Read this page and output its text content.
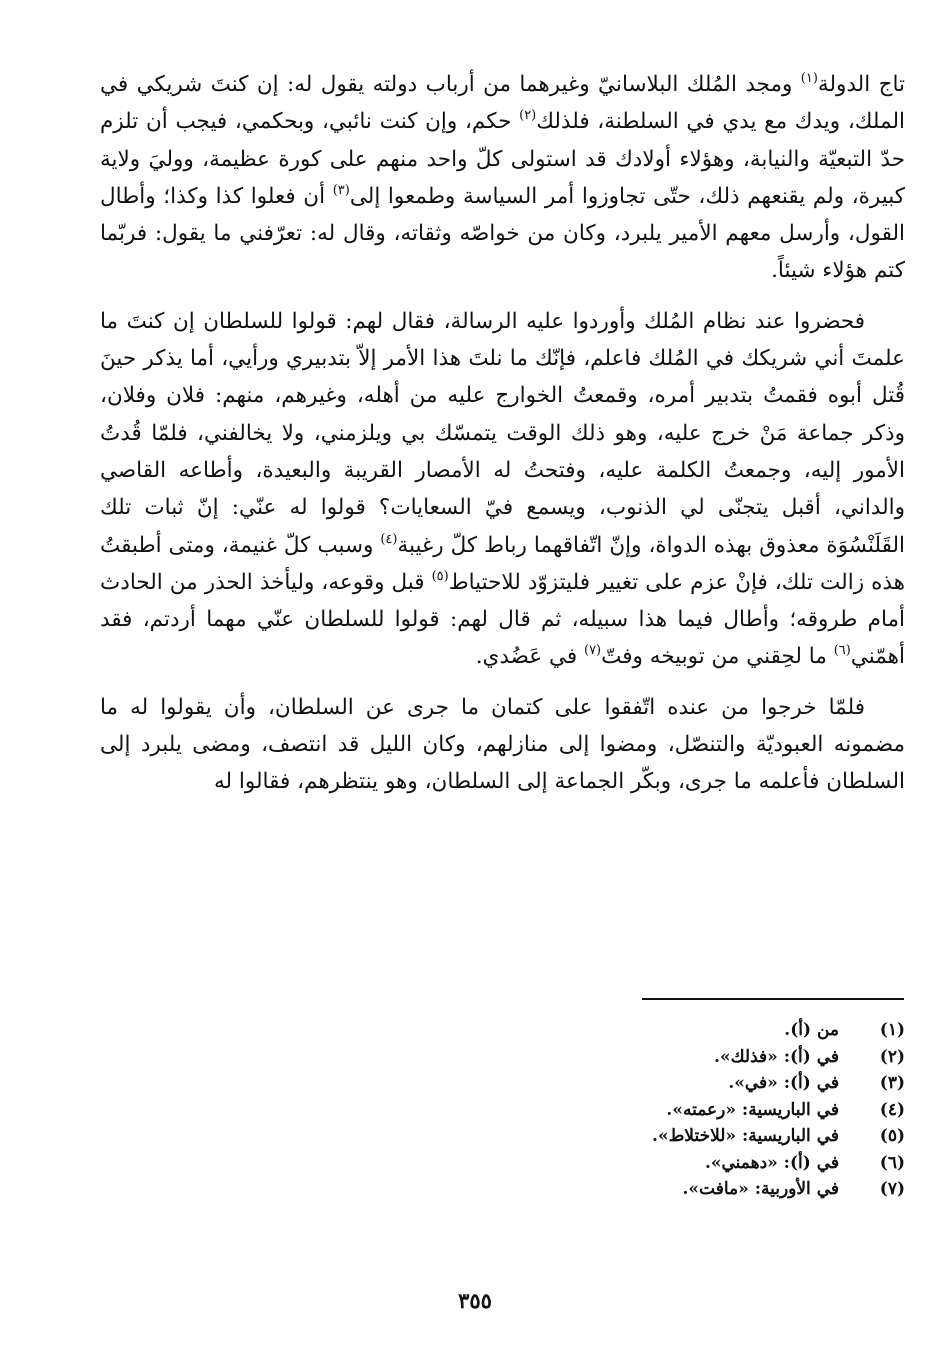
تاج الدولة$^{(١)}$ ومجد المُلك البلاسانيّ وغيرهما من أرباب دولته يقول له: إن كنتَ شريكي في الملك، ويدك مع يدي في السلطنة، فلذلك$^{(٢)}$ حكم، وإن كنت نائبي، وبحكمي، فيجب أن تلزم حدّ التبعيّة والنيابة، وهؤلاء أولادك قد استولى كلّ واحد منهم على كورة عظيمة، ووليَ ولاية كبيرة، ولم يقنعهم ذلك، حتّى تجاوزوا أمر السياسة وطمعوا إلى$^{(٣)}$ أن فعلوا كذا وكذا؛ وأطال القول، وأرسل معهم الأمير يلبرد، وكان من خواصّه وثقاته، وقال له: تعرّفني ما يقول: فربّما كتم هؤلاء شيئاً.

فحضروا عند نظام المُلك وأوردوا عليه الرسالة، فقال لهم: قولوا للسلطان إن كنتَ ما علمتَ أني شريكك في المُلك فاعلم، فإنّك ما نلتَ هذا الأمر إلاّ بتدبيري ورأيي، أما يذكر حينَ قُتل أبوه فقمتُ بتدبير أمره، وقمعتُ الخوارج عليه من أهله، وغيرهم، منهم: فلان وفلان، وذكر جماعة مَنْ خرج عليه، وهو ذلك الوقت يتمسّك بي ويلزمني، ولا يخالفني، فلمّا قُدتُ الأمور إليه، وجمعتُ الكلمة عليه، وفتحتُ له الأمصار القريبة والبعيدة، وأطاعه القاصي والداني، أقبل يتجنّى لي الذنوب، ويسمع فيّ السعايات؟ قولوا له عنّي: إنّ ثبات تلك القَلَنْسُوَة معذوق بهذه الدواة، وإنّ اتّفاقهما رباط كلّ رغيبة$^{(٤)}$ وسبب كلّ غنيمة، ومتى أطبقتُ هذه زالت تلك، فإنْ عزم على تغيير فليتزوّد للاحتياط$^{(٥)}$ قبل وقوعه، وليأخذ الحذر من الحادث أمام طروقه؛ وأطال فيما هذا سبيله، ثم قال لهم: قولوا للسلطان عنّي مهما أردتم، فقد أهمّني$^{(٦)}$ ما لحِقني من توبيخه وفتّ$^{(٧)}$ في عَضُدي.

فلمّا خرجوا من عنده اتّفقوا على كتمان ما جرى عن السلطان، وأن يقولوا له ما مضمونه العبوديّة والتنصّل، ومضوا إلى منازلهم، وكان الليل قد انتصف، ومضى يلبرد إلى السلطان فأعلمه ما جرى، وبكّر الجماعة إلى السلطان، وهو ينتظرهم، فقالوا له

(١)
من (أ).
(٢)
في (أ): «فذلك».
(٣)
في (أ): «في».
(٤)
في الباريسية: «رعمته».
(٥)
في الباريسية: «للاختلاط».
(٦)
في (أ): «دهمني».
(٧)
في الأوربية: «مافت».
٣٥٥
